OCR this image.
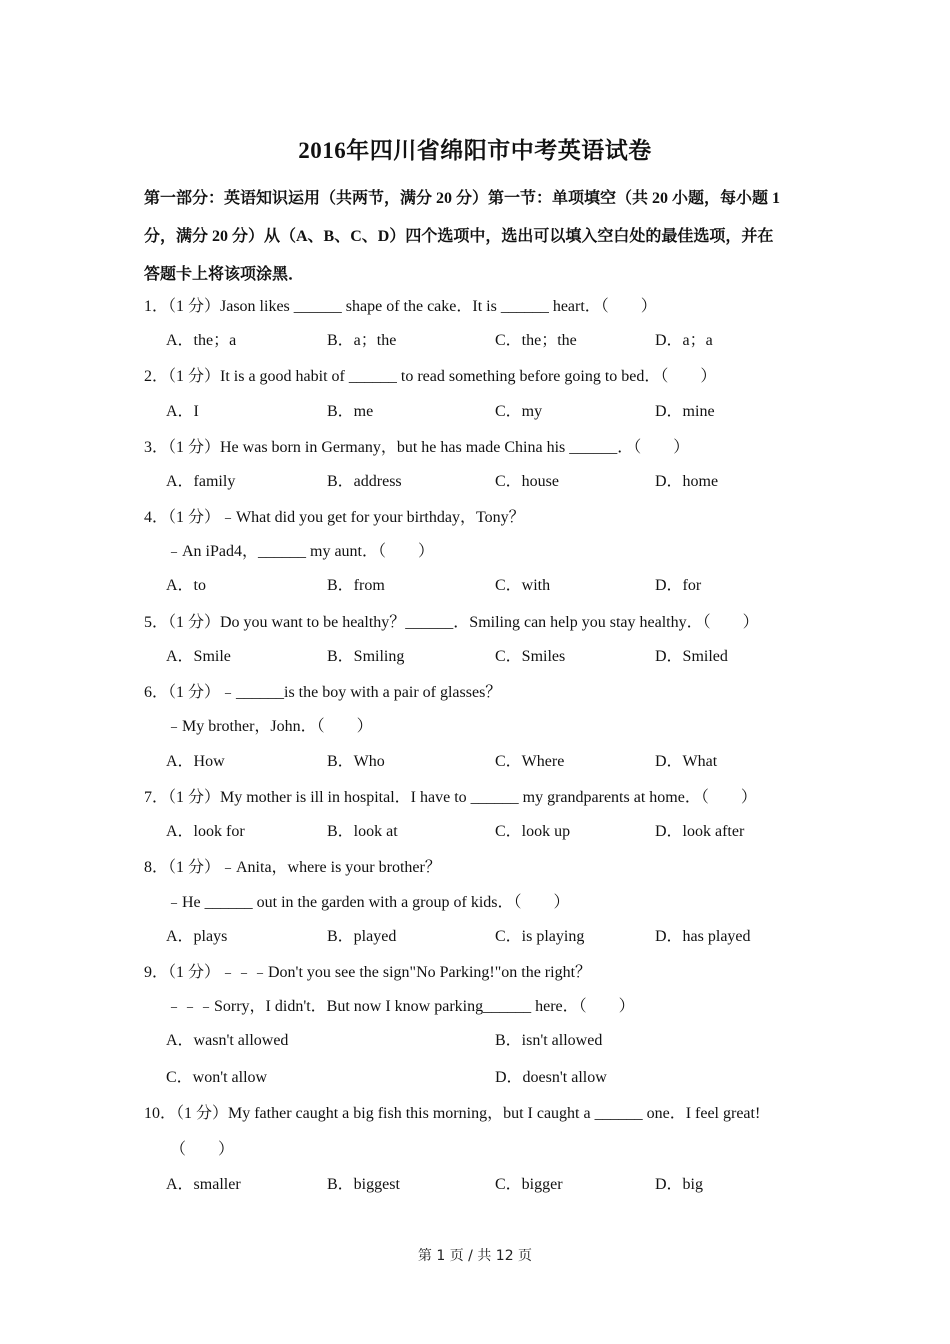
2016年四川省绵阳市中考英语试卷
第一部分：英语知识运用（共两节，满分 20 分）第一节：单项填空（共 20 小题，每小题 1
分，满分 20 分）从（A、B、C、D）四个选项中，选出可以填入空白处的最佳选项，并在
答题卡上将该项涂黑．
1．（1 分）Jason likes ______ shape of the cake．It is ______ heart．（　　）
A．the；a	B．a；the	C．the；the	D．a；a
2．（1 分）It is a good habit of ______ to read something before going to bed．（　　）
A．I	B．me	C．my	D．mine
3．（1 分）He was born in Germany，but he has made China his ______．（　　）
A．family	B．address	C．house	D．home
4．（1 分）﹣What did you get for your birthday，Tony？
﹣An iPad4，______ my aunt．（　　）
A．to	B．from	C．with	D．for
5．（1 分）Do you want to be healthy？______．Smiling can help you stay healthy．（　　）
A．Smile	B．Smiling	C．Smiles	D．Smiled
6．（1 分）﹣______is the boy with a pair of glasses？
﹣My brother，John．（　　）
A．How	B．Who	C．Where	D．What
7．（1 分）My mother is ill in hospital．I have to ______ my grandparents at home．（　　）
A．look for	B．look at	C．look up	D．look after
8．（1 分）﹣Anita，where is your brother？
﹣He ______ out in the garden with a group of kids．（　　）
A．plays	B．played	C．is playing	D．has played
9．（1 分）﹣﹣﹣Don't you see the sign"No Parking!"on the right？
﹣﹣﹣Sorry，I didn't．But now I know parking______ here．（　　）
A．wasn't allowed	B．isn't allowed
C．won't allow	D．doesn't allow
10．（1 分）My father caught a big fish this morning，but I caught a ______ one．I feel great!
（　　）
A．smaller	B．biggest	C．bigger	D．big
第 1 页 / 共 12 页
